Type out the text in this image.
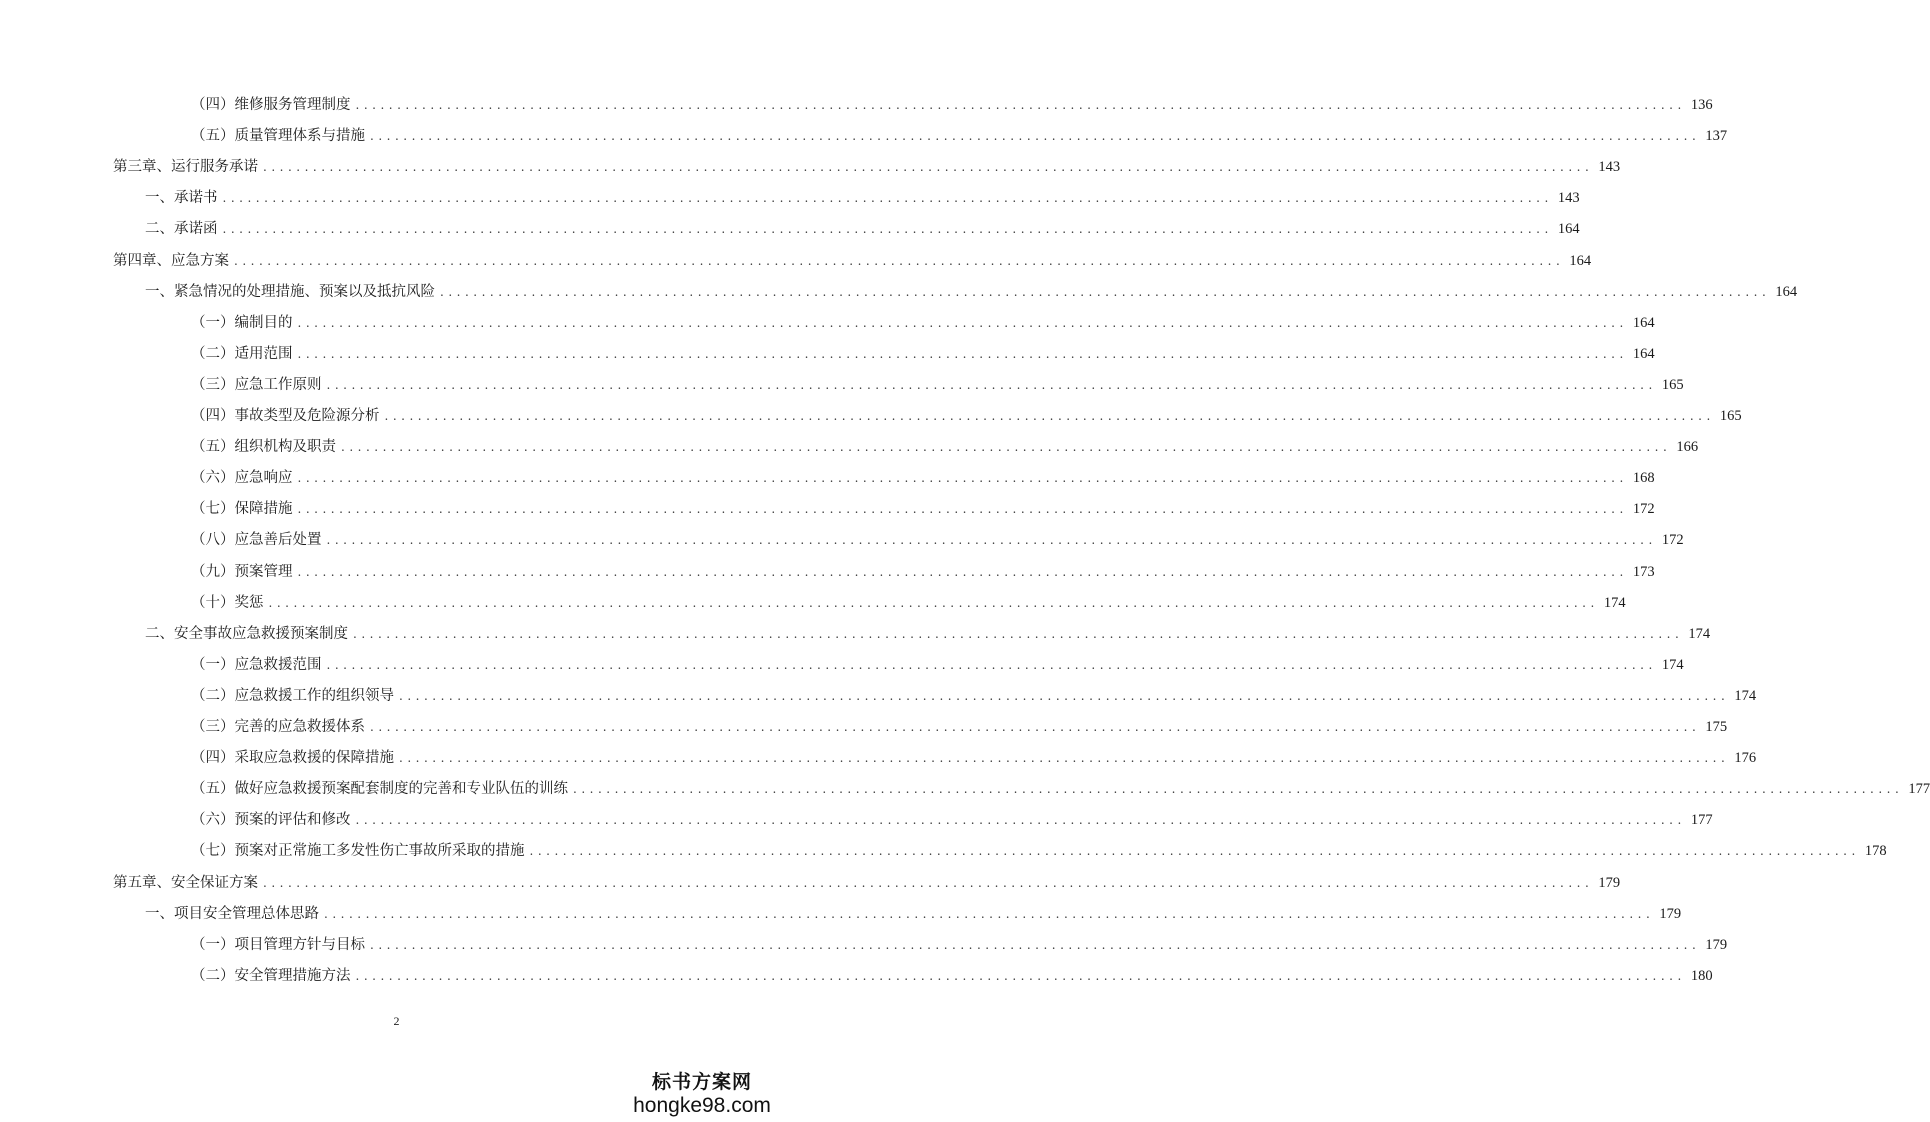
（四）维修服务管理制度 ................................................................................................................................................................ 136
（五）质量管理体系与措施 ................................................................................................................................................................ 137
第三章、运行服务承诺 ................................................................................................................................................................ 143
一、承诺书 ................................................................................................................................................................ 143
二、承诺函 ................................................................................................................................................................ 164
第四章、应急方案 ................................................................................................................................................................ 164
一、紧急情况的处理措施、预案以及抵抗风险 ................................................................................................................................................................ 164
（一）编制目的 ................................................................................................................................................................ 164
（二）适用范围 ................................................................................................................................................................ 164
（三）应急工作原则 ................................................................................................................................................................ 165
（四）事故类型及危险源分析 ................................................................................................................................................................ 165
（五）组织机构及职责 ................................................................................................................................................................ 166
（六）应急响应 ................................................................................................................................................................ 168
（七）保障措施 ................................................................................................................................................................ 172
（八）应急善后处置 ................................................................................................................................................................ 172
（九）预案管理 ................................................................................................................................................................ 173
（十）奖惩 ................................................................................................................................................................ 174
二、安全事故应急救援预案制度 ................................................................................................................................................................ 174
（一）应急救援范围 ................................................................................................................................................................ 174
（二）应急救援工作的组织领导 ................................................................................................................................................................ 174
（三）完善的应急救援体系 ................................................................................................................................................................ 175
（四）采取应急救援的保障措施 ................................................................................................................................................................ 176
（五）做好应急救援预案配套制度的完善和专业队伍的训练 ................................................................................................................................................................ 177
（六）预案的评估和修改 ................................................................................................................................................................ 177
（七）预案对正常施工多发性伤亡事故所采取的措施 ................................................................................................................................................................ 178
第五章、安全保证方案 ................................................................................................................................................................ 179
一、项目安全管理总体思路 ................................................................................................................................................................ 179
（一）项目管理方针与目标 ................................................................................................................................................................ 179
（二）安全管理措施方法 ................................................................................................................................................................ 180
2
标书方案网
hongke98.com
